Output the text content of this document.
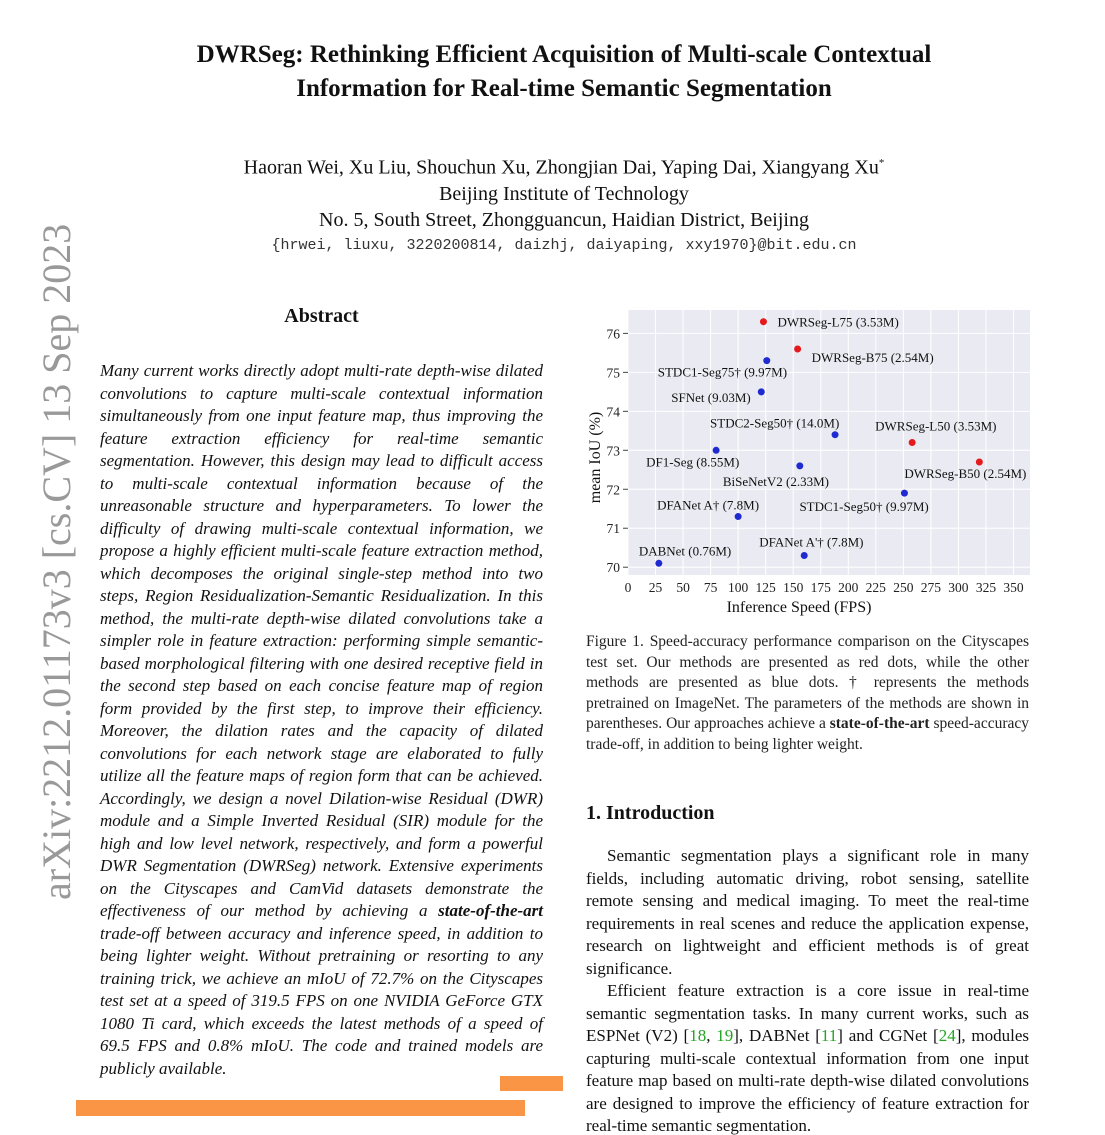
DWRSeg: Rethinking Efficient Acquisition of Multi-scale Contextual
Information for Real-time Semantic Segmentation
Haoran Wei, Xu Liu, Shouchun Xu, Zhongjian Dai, Yaping Dai, Xiangyang Xu*
Beijing Institute of Technology
No. 5, South Street, Zhongguancun, Haidian District, Beijing
{hrwei, liuxu, 3220200814, daizhj, daiyaping, xxy1970}@bit.edu.cn
arXiv:2212.01173v3 [cs.CV] 13 Sep 2023	Abstract
Many current works directly adopt multi-rate depth-wise dilated convolutions to capture multi-scale contextual information simultaneously from one input feature map, thus improving the feature extraction efficiency for real-time semantic segmentation. However, this design may lead to difficult access to multi-scale contextual information because of the unreasonable structure and hyperparameters. To lower the difficulty of drawing multi-scale contextual information, we propose a highly efficient multi-scale feature extraction method, which decomposes the original single-step method into two steps, Region Residualization-Semantic Residualization. In this method, the multi-rate depth-wise dilated convolutions take a simpler role in feature extraction: performing simple semantic-based morphological filtering with one desired receptive field in the second step based on each concise feature map of region form provided by the first step, to improve their efficiency. Moreover, the dilation rates and the capacity of dilated convolutions for each network stage are elaborated to fully utilize all the feature maps of region form that can be achieved. Accordingly, we design a novel Dilation-wise Residual (DWR) module and a Simple Inverted Residual (SIR) module for the high and low level network, respectively, and form a powerful DWR Segmentation (DWRSeg) network. Extensive experiments on the Cityscapes and CamVid datasets demonstrate the effectiveness of our method by achieving a state-of-the-art trade-off between accuracy and inference speed, in addition to being lighter weight. Without pretraining or resorting to any training trick, we achieve an mIoU of 72.7% on the Cityscapes test set at a speed of 319.5 FPS on one NVIDIA GeForce GTX 1080 Ti card, which exceeds the latest methods of a speed of 69.5 FPS and 0.8% mIoU. The code and trained models are publicly available.
0 25 50 75 100 125 150 175 200 225 250 275 300 325 350
70
71
72
73
74
75
76
Inference Speed (FPS)
mean IoU (%)
DWRSeg-L75 (3.53M)
DWRSeg-B75 (2.54M)
DWRSeg-L50 (3.53M)
DWRSeg-B50 (2.54M)
STDC1-Seg75† (9.97M)
SFNet (9.03M)
STDC2-Seg50† (14.0M)
DF1-Seg (8.55M)
BiSeNetV2 (2.33M)
STDC1-Seg50† (9.97M)
DFANet A† (7.8M)
DABNet (0.76M)
DFANet A'† (7.8M)
Figure 1. Speed-accuracy performance comparison on the Cityscapes test set. Our methods are presented as red dots, while the other methods are presented as blue dots. † represents the methods pretrained on ImageNet. The parameters of the methods are shown in parentheses. Our approaches achieve a state-of-the-art speed-accuracy trade-off, in addition to being lighter weight.
1. Introduction

Semantic segmentation plays a significant role in many fields, including automatic driving, robot sensing, satellite remote sensing and medical imaging. To meet the real-time requirements in real scenes and reduce the application expense, research on lightweight and efficient methods is of great significance.

Efficient feature extraction is a core issue in real-time semantic segmentation tasks. In many current works, such as ESPNet (V2) [18, 19], DABNet [11] and CGNet [24], modules capturing multi-scale contextual information from one input feature map based on multi-rate depth-wise dilated convolutions are designed to improve the efficiency of feature extraction for real-time semantic segmentation.
